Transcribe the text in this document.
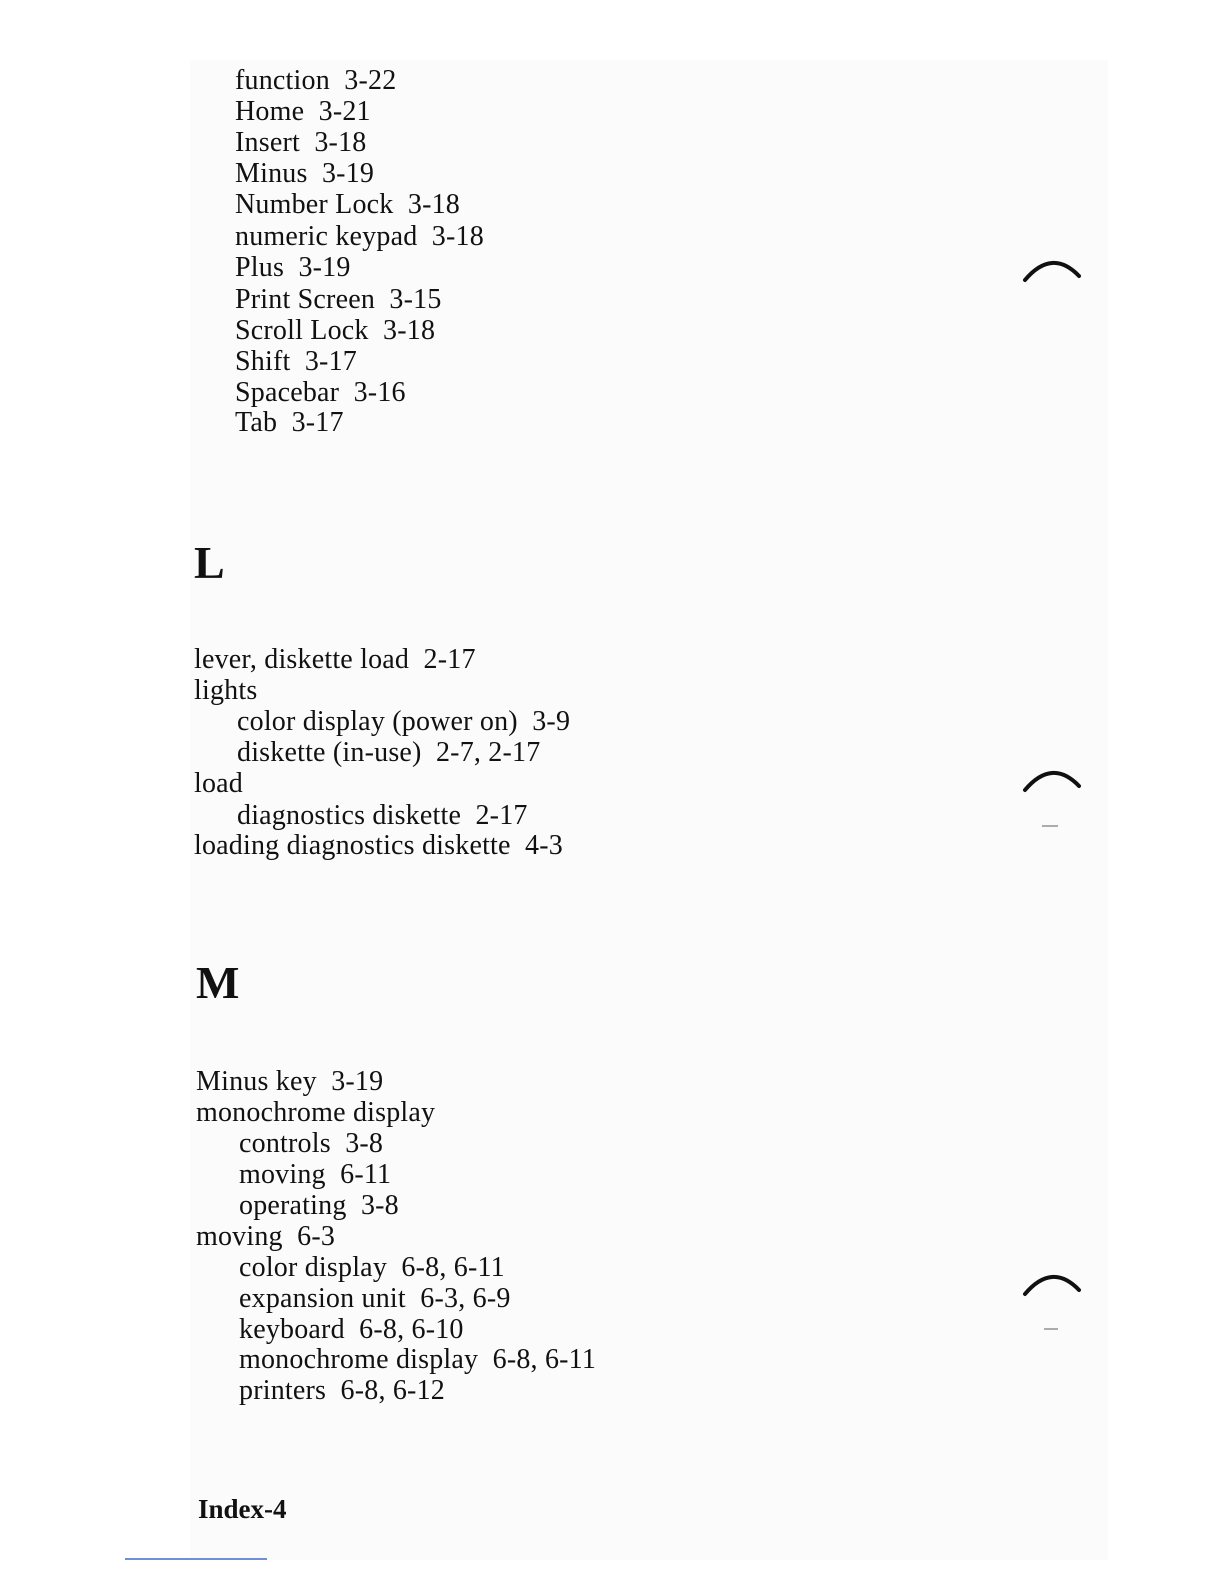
function  3-22
Home  3-21
Insert  3-18
Minus  3-19
Number Lock  3-18
numeric keypad  3-18
Plus  3-19
Print Screen  3-15
Scroll Lock  3-18
Shift  3-17
Spacebar  3-16
Tab  3-17
L
lever, diskette load  2-17
lights
color display (power on)  3-9
diskette (in-use)  2-7, 2-17
load
diagnostics diskette  2-17
loading diagnostics diskette  4-3
M
Minus key  3-19
monochrome display
controls  3-8
moving  6-11
operating  3-8
moving  6-3
color display  6-8, 6-11
expansion unit  6-3, 6-9
keyboard  6-8, 6-10
monochrome display  6-8, 6-11
printers  6-8, 6-12
Index-4
